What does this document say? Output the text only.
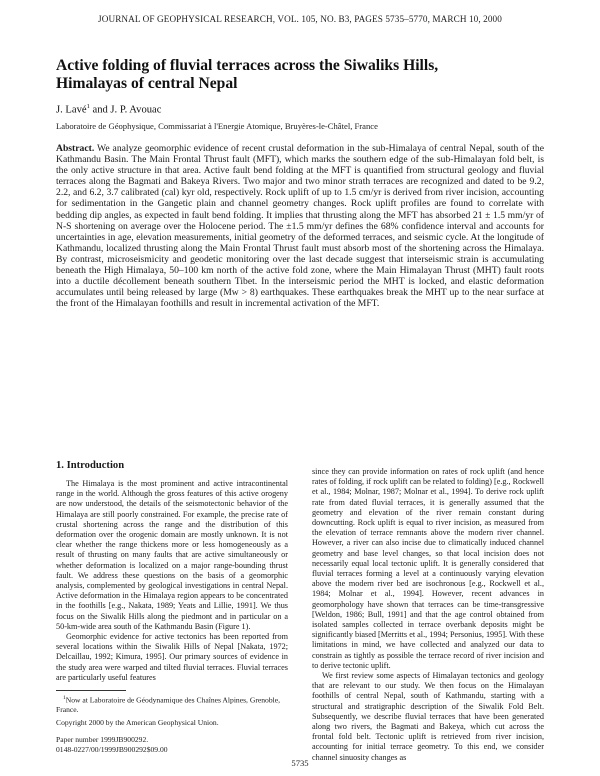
JOURNAL OF GEOPHYSICAL RESEARCH, VOL. 105, NO. B3, PAGES 5735–5770, MARCH 10, 2000
Active folding of fluvial terraces across the Siwaliks Hills,
Himalayas of central Nepal
J. Lavé$^1$ and J. P. Avouac
Laboratoire de Géophysique, Commissariat à l'Energie Atomique, Bruyères-le-Châtel, France
Abstract. We analyze geomorphic evidence of recent crustal deformation in the sub-Himalaya of central Nepal, south of the Kathmandu Basin. The Main Frontal Thrust fault (MFT), which marks the southern edge of the sub-Himalayan fold belt, is the only active structure in that area. Active fault bend folding at the MFT is quantified from structural geology and fluvial terraces along the Bagmati and Bakeya Rivers. Two major and two minor strath terraces are recognized and dated to be 9.2, 2.2, and 6.2, 3.7 calibrated (cal) kyr old, respectively. Rock uplift of up to 1.5 cm/yr is derived from river incision, accounting for sedimentation in the Gangetic plain and channel geometry changes. Rock uplift profiles are found to correlate with bedding dip angles, as expected in fault bend folding. It implies that thrusting along the MFT has absorbed 21 ± 1.5 mm/yr of N-S shortening on average over the Holocene period. The ±1.5 mm/yr defines the 68% confidence interval and accounts for uncertainties in age, elevation measurements, initial geometry of the deformed terraces, and seismic cycle. At the longitude of Kathmandu, localized thrusting along the Main Frontal Thrust fault must absorb most of the shortening across the Himalaya. By contrast, microseismicity and geodetic monitoring over the last decade suggest that interseismic strain is accumulating beneath the High Himalaya, 50–100 km north of the active fold zone, where the Main Himalayan Thrust (MHT) fault roots into a ductile décollement beneath southern Tibet. In the interseismic period the MHT is locked, and elastic deformation accumulates until being released by large (Mw > 8) earthquakes. These earthquakes break the MHT up to the near surface at the front of the Himalayan foothills and result in incremental activation of the MFT.
1. Introduction

The Himalaya is the most prominent and active intracontinental range in the world. Although the gross features of this active orogeny are now understood, the details of the seismotectonic behavior of the Himalaya are still poorly constrained. For example, the precise rate of crustal shortening across the range and the distribution of this deformation over the orogenic domain are mostly unknown. It is not clear whether the range thickens more or less homogeneously as a result of thrusting on many faults that are active simultaneously or whether deformation is localized on a major range-bounding thrust fault. We address these questions on the basis of a geomorphic analysis, complemented by geological investigations in central Nepal. Active deformation in the Himalaya region appears to be concentrated in the foothills [e.g., Nakata, 1989; Yeats and Lillie, 1991]. We thus focus on the Siwalik Hills along the piedmont and in particular on a 50-km-wide area south of the Kathmandu Basin (Figure 1).

Geomorphic evidence for active tectonics has been reported from several locations within the Siwalik Hills of Nepal [Nakata, 1972; Delcaillau, 1992; Kimura, 1995]. Our primary sources of evidence in the study area were warped and tilted fluvial terraces. Fluvial terraces are particularly useful features

since they can provide information on rates of rock uplift (and hence rates of folding, if rock uplift can be related to folding) [e.g., Rockwell et al., 1984; Molnar, 1987; Molnar et al., 1994]. To derive rock uplift rate from dated fluvial terraces, it is generally assumed that the geometry and elevation of the river remain constant during downcutting. Rock uplift is equal to river incision, as measured from the elevation of terrace remnants above the modern river channel. However, a river can also incise due to climatically induced channel geometry and base level changes, so that local incision does not necessarily equal local tectonic uplift. It is generally considered that fluvial terraces forming a level at a continuously varying elevation above the modern river bed are isochronous [e.g., Rockwell et al., 1984; Molnar et al., 1994]. However, recent advances in geomorphology have shown that terraces can be time-transgressive [Weldon, 1986; Bull, 1991] and that the age control obtained from isolated samples collected in terrace overbank deposits might be significantly biased [Merritts et al., 1994; Personius, 1995]. With these limitations in mind, we have collected and analyzed our data to constrain as tightly as possible the terrace record of river incision and to derive tectonic uplift.

We first review some aspects of Himalayan tectonics and geology that are relevant to our study. We then focus on the Himalayan foothills of central Nepal, south of Kathmandu, starting with a structural and stratigraphic description of the Siwalik Fold Belt. Subsequently, we describe fluvial terraces that have been generated along two rivers, the Bagmati and Bakeya, which cut across the frontal fold belt. Tectonic uplift is retrieved from river incision, accounting for initial terrace geometry. To this end, we consider channel sinuosity changes as

$^1$Now at Laboratoire de Géodynamique des Chaînes Alpines, Grenoble, France.
Copyright 2000 by the American Geophysical Union.
Paper number 1999JB900292.
0148-0227/00/1999JB900292$09.00
5735
